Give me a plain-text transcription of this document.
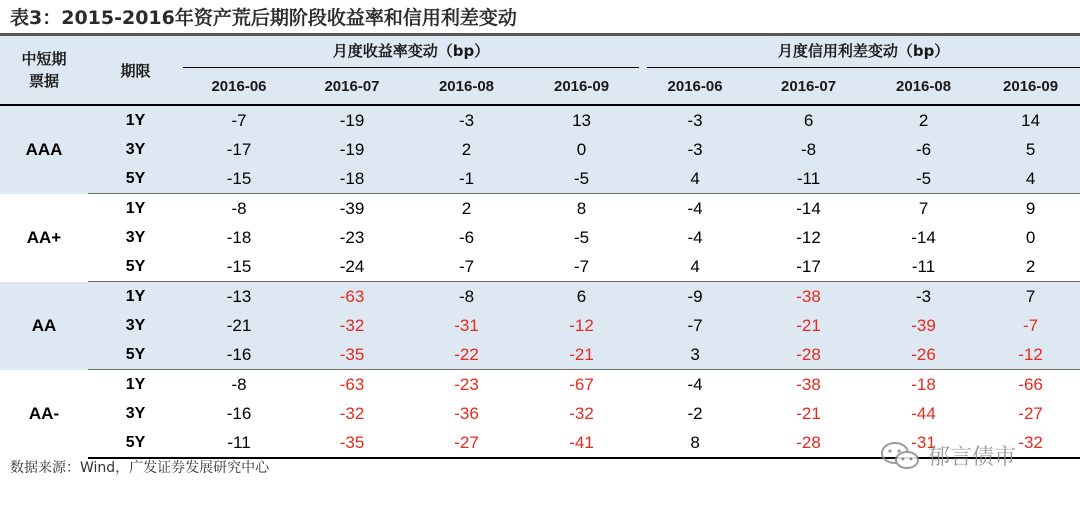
表3：2015-2016年资产荒后期阶段收益率和信用利差变动
中短期票据	期限	月度收益率变动（bp）				月度信用利差变动（bp）			

		2016-06	2016-07	2016-08	2016-09	2016-06	2016-07	2016-08	2016-09
AAA	1Y	-7	-19	-3	13	-3	6	2	14
	3Y	-17	-19	2	0	-3	-8	-6	5
	5Y	-15	-18	-1	-5	4	-11	-5	4
AA+	1Y	-8	-39	2	8	-4	-14	7	9
	3Y	-18	-23	-6	-5	-4	-12	-14	0
	5Y	-15	-24	-7	-7	4	-17	-11	2
AA	1Y	-13	-63	-8	6	-9	-38	-3	7
	3Y	-21	-32	-31	-12	-7	-21	-39	-7
	5Y	-16	-35	-22	-21	3	-28	-26	-12
AA-	1Y	-8	-63	-23	-67	-4	-38	-18	-66
	3Y	-16	-32	-36	-32	-2	-21	-44	-27
	5Y	-11	-35	-27	-41	8	-28	-31	-32
数据来源：Wind，广发证券发展研究中心	郁言债市
